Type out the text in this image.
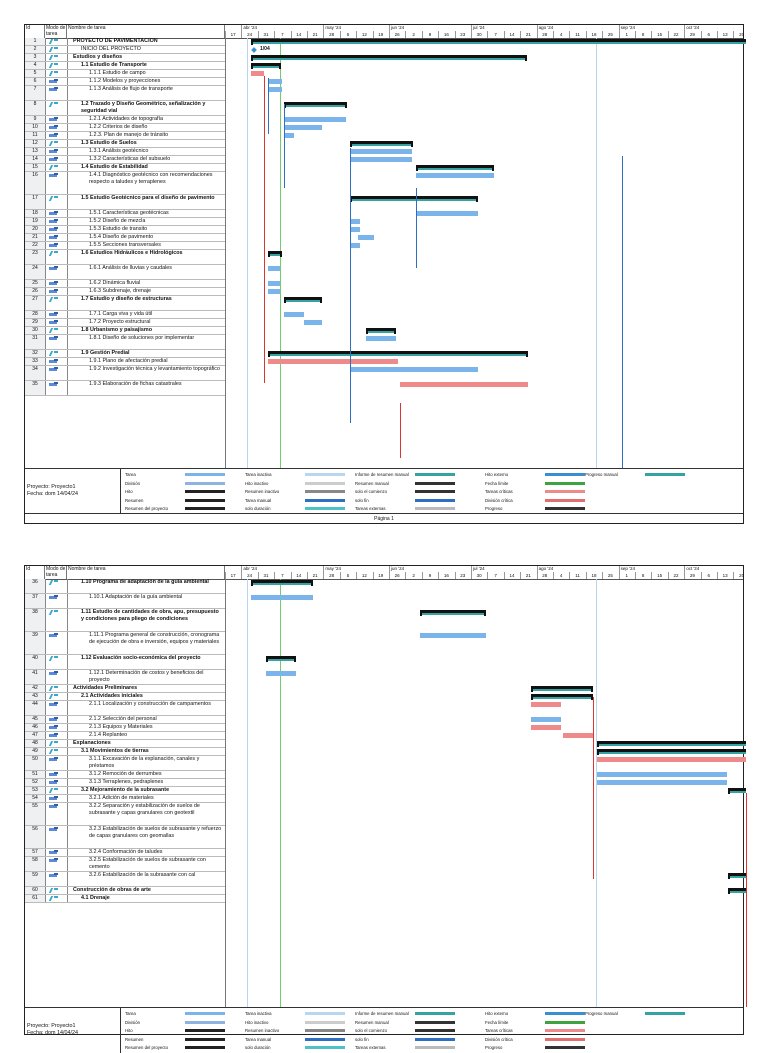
Id	Modo de tarea
Nombre de tarea	abr '24	may '24	jun '24	jul '24	ago '24	sep '24	oct '24
17	24	31	7	14	21	28	5	12	19	26	2	9	16	23	30	7	14	21	28	4	11	18	25	1	8	15	22	29	6	13	20
1	PROYECTO DE PAVIMENTACION
2	INICIO DEL PROYECTO
3	Estudios y diseños
4	1.1 Estudio de Transporte
5	1.1.1 Estudio de campo
6	1.1.2 Modelos y proyecciones
7	1.1.3 Análisis de flujo de transporte
8	1.2 Trazado y Diseño Geométrico, señalización y seguridad vial
9	1.2.1 Actividades de topografía
10	1.2.2 Criterios de diseño
11	1.2.3. Plan de manejo de tránsito
12	1.3 Estudio de Suelos
13	1.3.1 Análisis geotécnico
14	1.3.2 Características del subsuelo
15	1.4 Estudio de Estabilidad
16	1.4.1 Diagnóstico geotécnico con recomendaciones respecto a taludes y terraplenes
17	1.5 Estudio Geotécnico para el diseño de pavimento
18	1.5.1 Características geotécnicas
19	1.5.2 Diseño de mezcla
20	1.5.3 Estudio de transito
21	1.5.4 Diseño de pavimento
22	1.5.5 Secciones transversales
23	1.6 Estudios Hidráulicos e Hidrológicos
24	1.6.1 Análisis de lluvias y caudales
25	1.6.2 Dinámica fluvial
26	1.6.3 Subdrenaje, drenaje
27	1.7 Estudio y diseño de estructuras
28	1.7.1 Carga viva y vida útil
29	1.7.2 Proyecto estructural
30	1.8 Urbanismo y paisajismo
31	1.8.1 Diseño de soluciones por implementar
32	1.9 Gestión Predial
33	1.9.1 Plano de afectación predial
34	1.9.2 Investigación técnica y levantamiento topográfico
35	1.9.3 Elaboración de fichas catastrales
1/04
Proyecto: Proyecto1
Fecha: dom 14/04/24
Tarea
División
Hito
Resumen
Resumen del proyecto
Tarea inactiva
Hito inactivo
Resumen inactivo
Tarea manual
solo duración
Informe de resumen manual
Resumen manual
solo el comienzo
solo fin
Tareas externas
Hito externo
Fecha límite
Tareas críticas
División crítica
Progreso
Progreso manual
Página 1
Id	Modo de tarea
Nombre de tarea	abr '24	may '24	jun '24	jul '24	ago '24	sep '24	oct '24
17	24	31	7	14	21	28	5	12	19	26	2	9	16	23	30	7	14	21	28	4	11	18	25	1	8	15	22	29	6	13	20
36	1.10 Programa de adaptación de la guía ambiental
37	1.10.1 Adaptación de la guía ambiental
38	1.11 Estudio de cantidades de obra, apu, presupuesto y condiciones para pliego de condiciones
39	1.11.1 Programa general de construcción, cronograma de ejecución de obra e inversión, equipos y materiales
40	1.12 Evaluación socio-económica del proyecto
41	1.12.1 Determinación de costos y beneficios del proyecto
42	Actividades Preliminares
43	2.1 Actividades iniciales
44	2.1.1 Localización y construcción de campamentos
45	2.1.2 Selección del personal
46	2.1.3 Equipos y Materiales
47	2.1.4 Replanteo
48	Explanaciones
49	3.1 Movimientos de tierras
50	3.1.1 Excavación de la explanación, canales y préstamos
51	3.1.2 Remoción de derrumbes
52	3.1.3 Terraplenes, pedraplenes
53	3.2 Mejoramiento de la subrasante
54	3.2.1 Adición de materiales
55	3.2.2 Separación y estabilización de suelos de subrasante y capas granulares con geotextil
56	3.2.3 Estabilización de suelos de subrasante y refuerzo de capas granulares con geomallas
57	3.2.4 Conformación de taludes
58	3.2.5 Estabilización de suelos de subrasante con cemento
59	3.2.6 Estabilización de la subrasante con cal
60	Construcción de obras de arte
61	4.1 Drenaje
Proyecto: Proyecto1
Fecha: dom 14/04/24
Tarea
División
Hito
Resumen
Resumen del proyecto
Tarea inactiva
Hito inactivo
Resumen inactivo
Tarea manual
solo duración
Informe de resumen manual
Resumen manual
solo el comienzo
solo fin
Tareas externas
Hito externo
Fecha límite
Tareas críticas
División crítica
Progreso
Progreso manual
